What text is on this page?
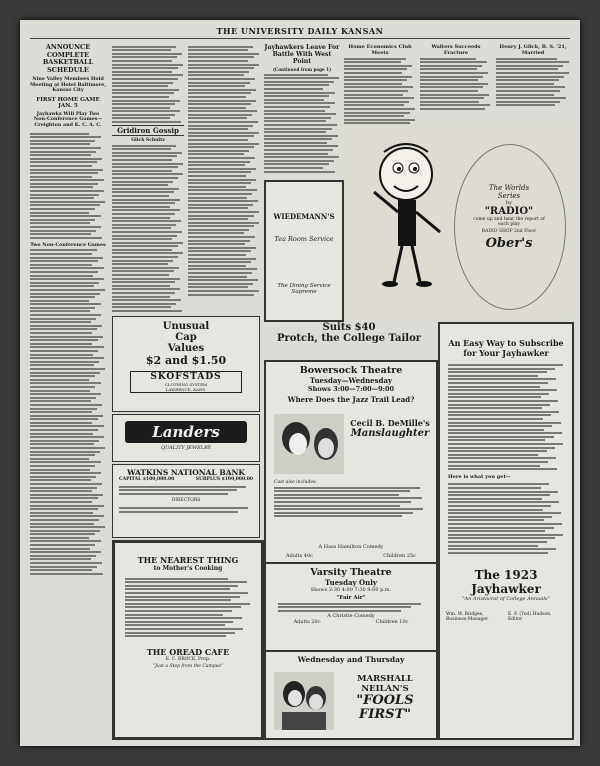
THE UNIVERSITY DAILY KANSAN
ANNOUNCE COMPLETE BASKETBALL SCHEDULE
Nine Valley Members Hold Meeting at Hotel Baltimore, Kansas City
FIRST HOME GAME JAN. 5
Jayhawks Will Play Two Non-Conference Games—Creighton and K. C. A. C.
Two Non-Conference Games
Gridiron Gossip
Glick Schultz
Jayhawkers Leave For Battle With West Point
(Continued from page 1)
Home Economics Club Meets
Walters Succeeds Fracture
Henry J. Glick, B. S. '21, Married
WIEDEMANN'S
Tea Room Service
The Dining Service Supreme
The Worlds
Series
by
"RADIO"
come up and hear the report of each play
RADIO SHOP 2nd Floor
Ober's
Unusual
Cap
Values
$2 and $1.50
SKOFSTADS
CLOTHING SYSTEM
LAWRENCE, KANS.
Landers
QUALITY JEWELRY
WATKINS NATIONAL BANK
CAPITAL $100,000.00	SURPLUS $100,000.00
DIRECTORS
THE NEAREST THING
to Mother's Cooking
THE OREAD CAFE
E. C. BROCK, Prop.
"Just a Step from the Campus"
Suits $40
Protch, the College Tailor
Bowersock Theatre
Tuesday—Wednesday
Shows 3:00—7:00—9:00
Where Does the Jazz Trail Lead?
Cecil B. DeMille's
Manslaughter
Cast also includes:
A Hass Hamilton Comedy
Adults 40c	Children 25c
Varsity Theatre
Tuesday Only
Shows 2:30 4:00 7:30 9:00 p.m.
"Fair Air"
A Christie Comedy
Adults 20c	Children 10c
Wednesday and Thursday
MARSHALL NEILAN'S
"FOOLS FIRST"
An Easy Way to Subscribe for Your Jayhawker
Here is what you get—
The 1923 Jayhawker
"An Aristocrat of College Annuals"
Wm. W. Bridges, Business-Manager
E. F. (Ted) Hudson, Editor
